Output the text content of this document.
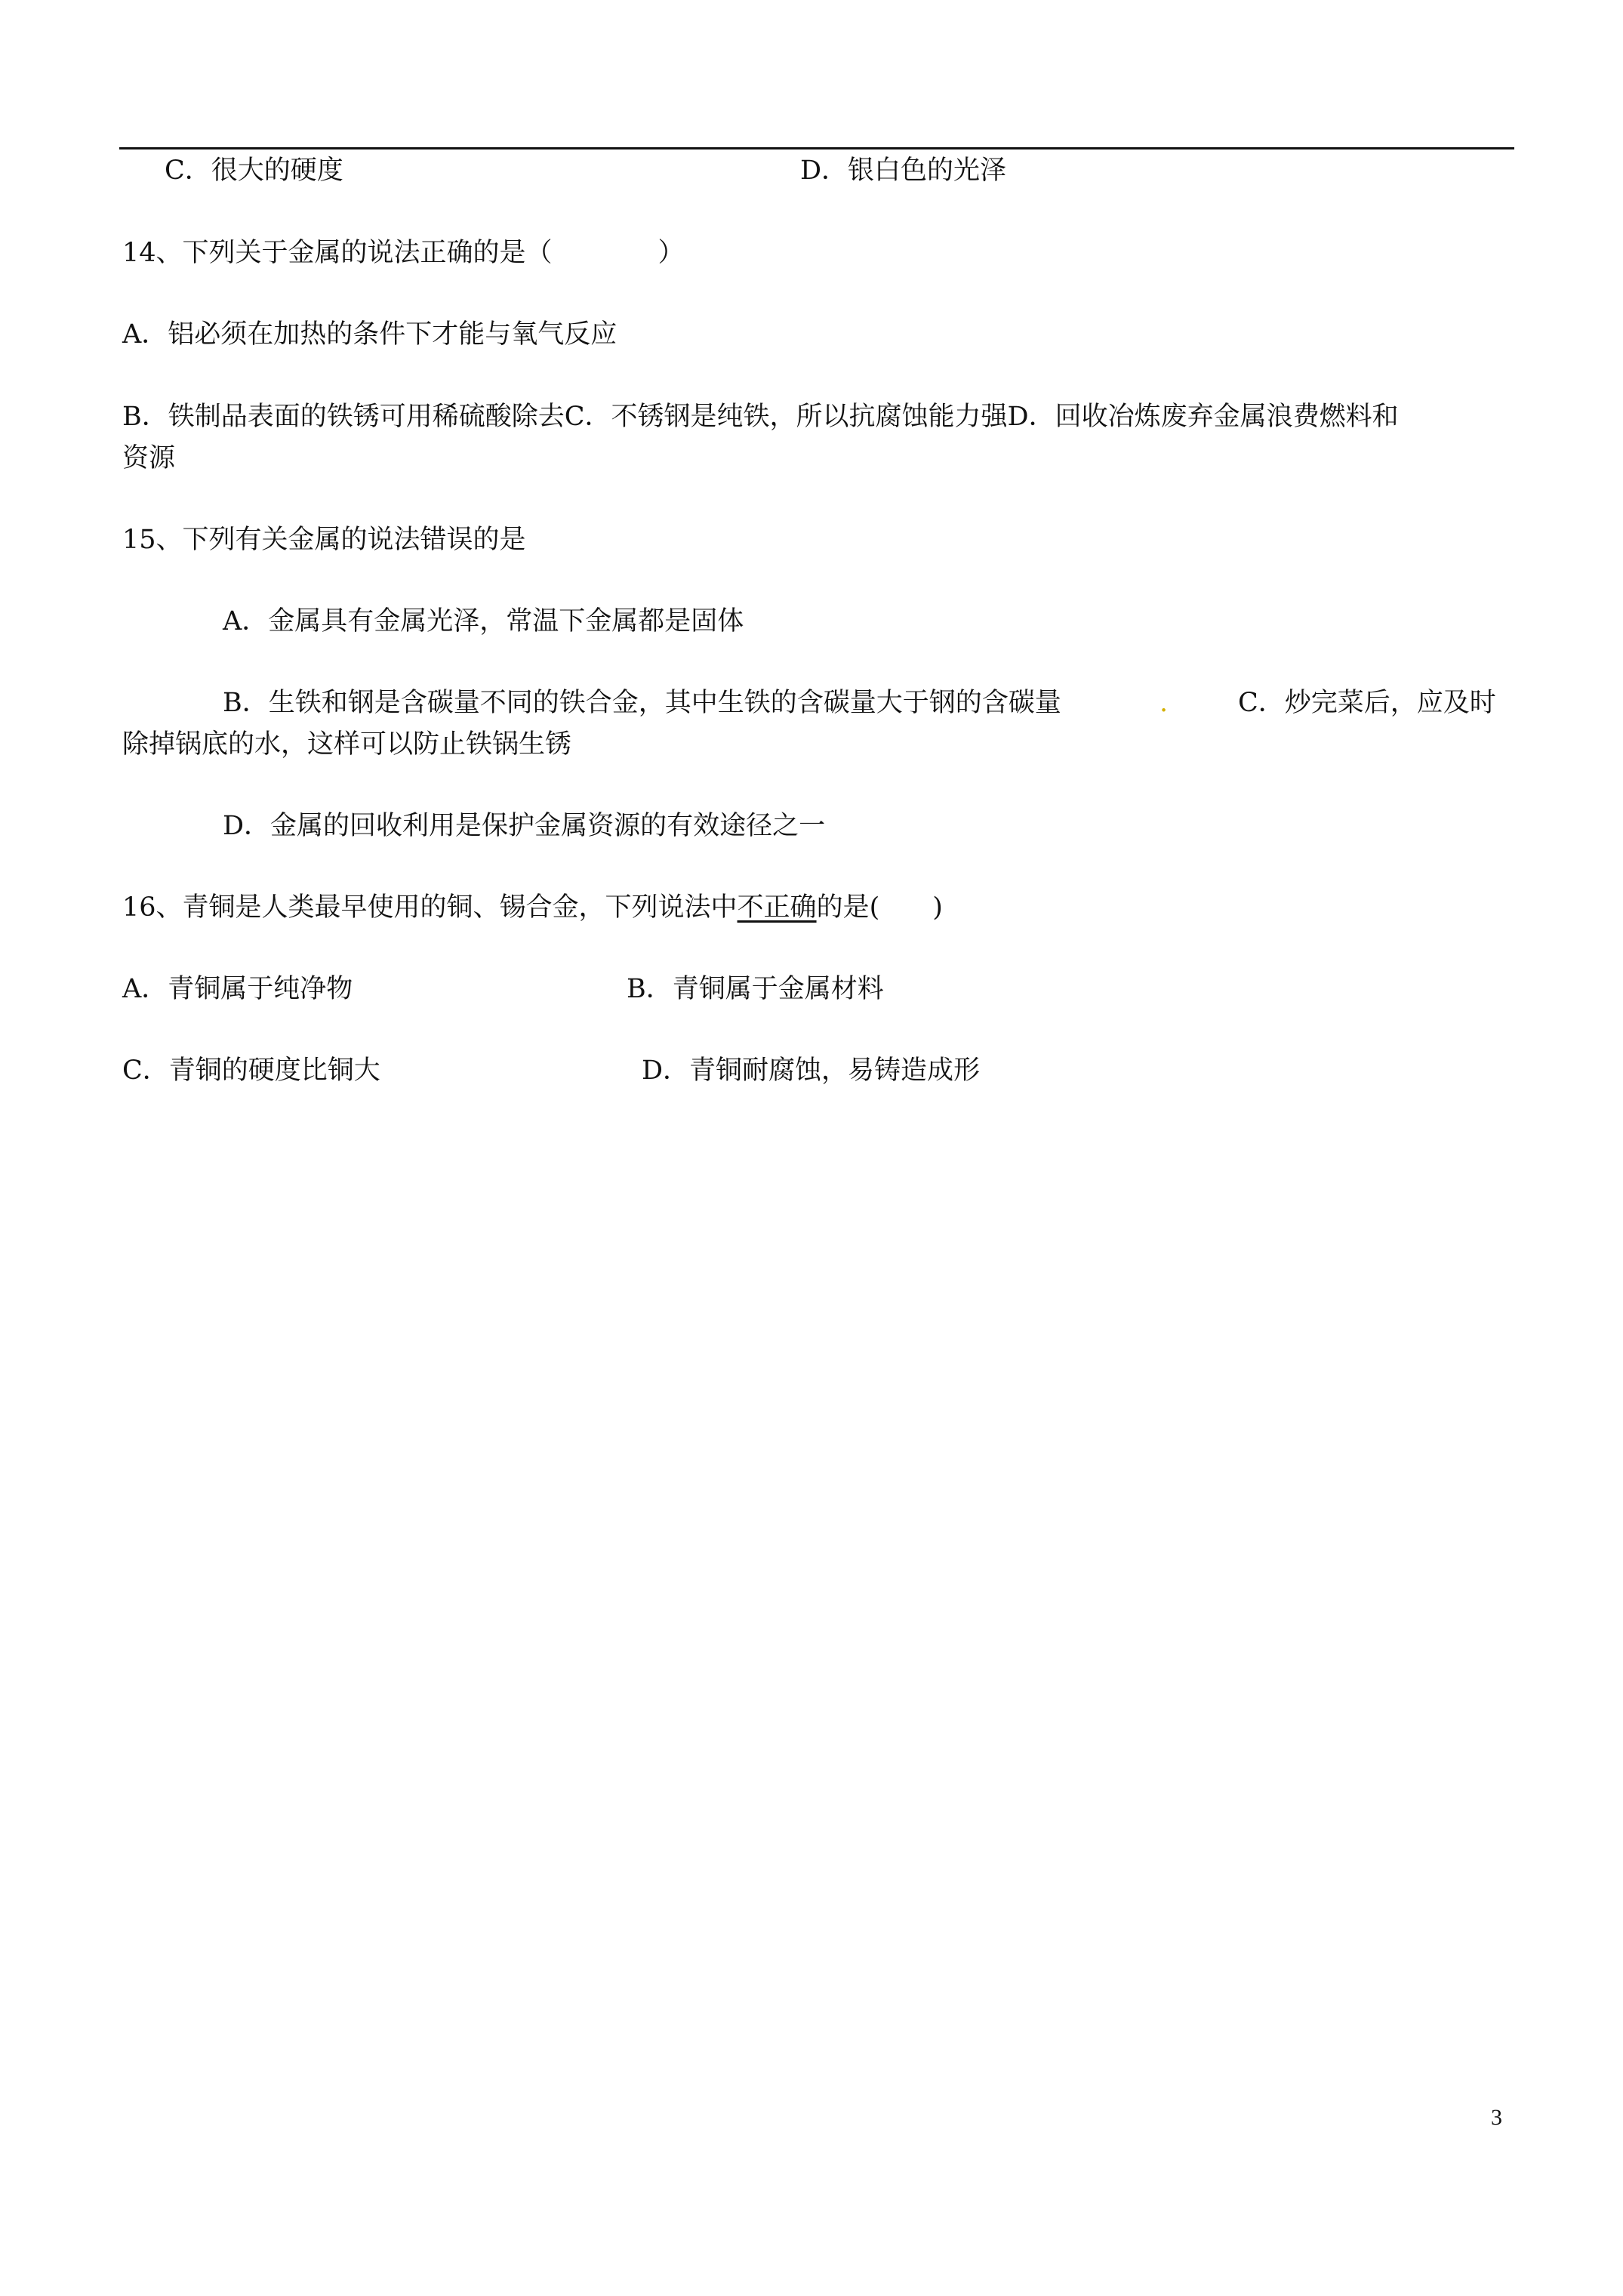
C．很大的硬度	D．银白色的光泽
14、下列关于金属的说法正确的是（　　　　）
A．铝必须在加热的条件下才能与氧气反应
B．铁制品表面的铁锈可用稀硫酸除去C．不锈钢是纯铁，所以抗腐蚀能力强D．回收冶炼废弃金属浪费燃料和
资源
15、下列有关金属的说法错误的是
A．金属具有金属光泽，常温下金属都是固体
B．生铁和钢是含碳量不同的铁合金，其中生铁的含碳量大于钢的含碳量	.	C．炒完菜后，应及时
除掉锅底的水，这样可以防止铁锅生锈
D．金属的回收利用是保护金属资源的有效途径之一
16、青铜是人类最早使用的铜、锡合金，下列说法中不正确的是(　　)
A．青铜属于纯净物	B．青铜属于金属材料
C．青铜的硬度比铜大	D．青铜耐腐蚀，易铸造成形
3
